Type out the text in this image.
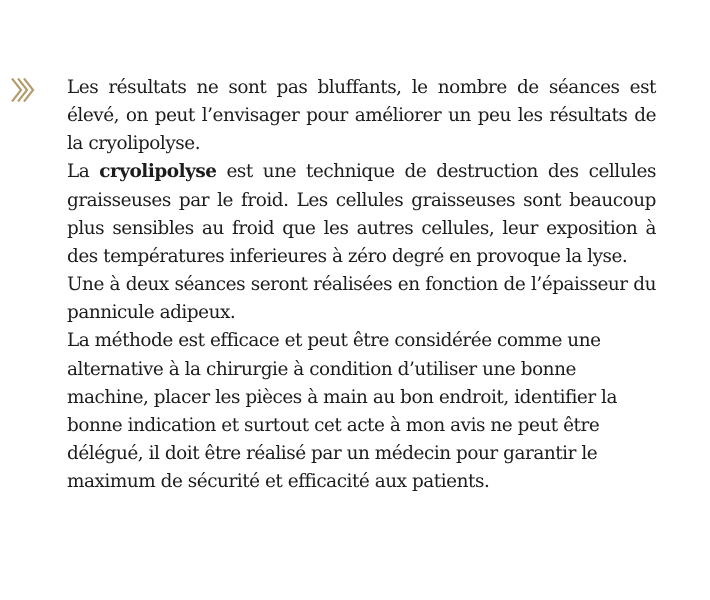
Les résultats ne sont pas bluffants, le nombre de séances est élevé, on peut l’envisager pour améliorer un peu les résultats de la cryolipolyse.

La cryolipolyse est une technique de destruction des cellules graisseuses par le froid. Les cellules graisseuses sont beaucoup plus sensibles au froid que les autres cellules, leur exposition à des températures inferieures à zéro degré en provoque la lyse.

Une à deux séances seront réalisées en fonction de l’épaisseur du pannicule adipeux.

La méthode est efficace et peut être considérée comme une alternative à la chirurgie à condition d’utiliser une bonne machine, placer les pièces à main au bon endroit, identifier la bonne indication et surtout cet acte à mon avis ne peut être délégué, il doit être réalisé par un médecin pour garantir le maximum de sécurité et efficacité aux patients.
